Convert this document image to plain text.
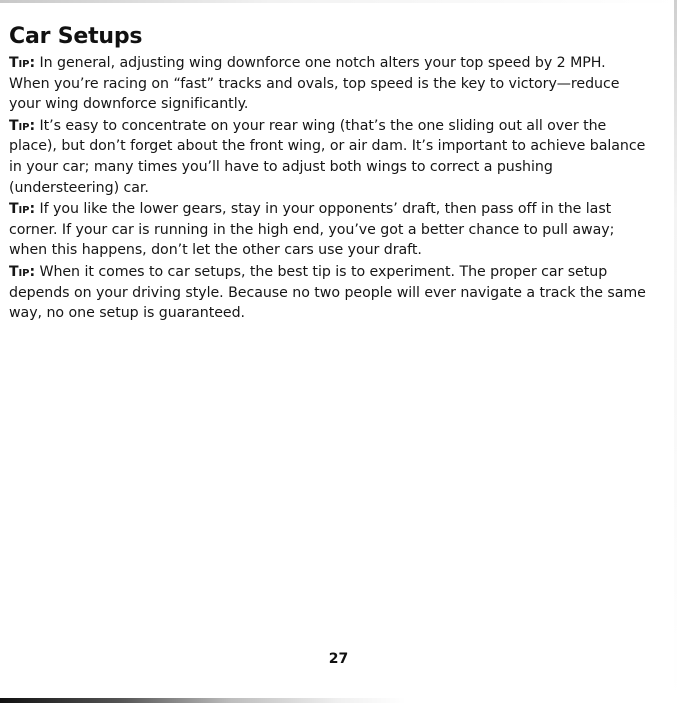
Car Setups

Tip: In general, adjusting wing downforce one notch alters your top speed by 2 MPH. When you’re racing on “fast” tracks and ovals, top speed is the key to victory—reduce your wing downforce significantly.

Tip: It’s easy to concentrate on your rear wing (that’s the one sliding out all over the place), but don’t forget about the front wing, or air dam. It’s important to achieve balance in your car; many times you’ll have to adjust both wings to correct a pushing (understeering) car.

Tip: If you like the lower gears, stay in your opponents’ draft, then pass off in the last corner. If your car is running in the high end, you’ve got a better chance to pull away; when this happens, don’t let the other cars use your draft.

Tip: When it comes to car setups, the best tip is to experiment. The proper car setup depends on your driving style. Because no two people will ever navigate a track the same way, no one setup is guaranteed.

27
